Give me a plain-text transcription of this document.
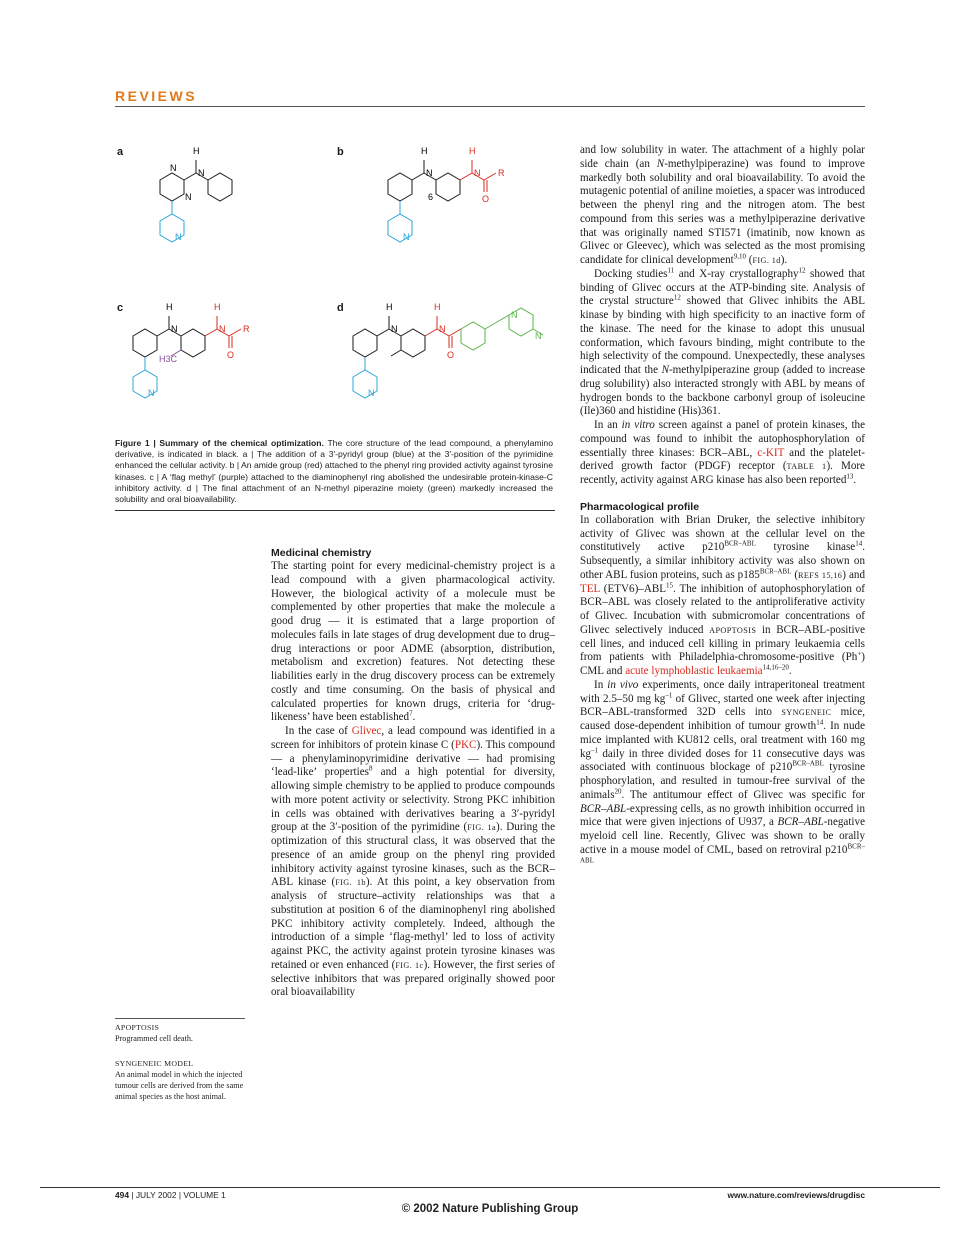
REVIEWS
a	b
c	d
H
N
N
N
N
H	H
N	N
O
R
6
N
H	H
N	N
O
R
H3C
N
H	H
N	N
O
N
N
N
Figure 1 | Summary of the chemical optimization. The core structure of the lead compound, a phenylamino derivative, is indicated in black. a | The addition of a 3′-pyridyl group (blue) at the 3′-position of the pyrimidine enhanced the cellular activity. b | An amide group (red) attached to the phenyl ring provided activity against tyrosine kinases. c | A ‘flag methyl’ (purple) attached to the diaminophenyl ring abolished the undesirable protein-kinase-C inhibitory activity. d | The final attachment of an N-methyl piperazine moiety (green) markedly increased the solubility and oral bioavailability.
Medicinal chemistry

The starting point for every medicinal-chemistry project is a lead compound with a given pharmacological activity. However, the biological activity of a molecule must be complemented by other properties that make the molecule a good drug — it is estimated that a large proportion of molecules fails in late stages of drug development due to drug–drug interactions or poor ADME (absorption, distribution, metabolism and excretion) features. Not detecting these liabilities early in the drug discovery process can be extremely costly and time consuming. On the basis of physical and calculated properties for known drugs, criteria for ‘drug-likeness’ have been established$^7$.

In the case of Glivec, a lead compound was identified in a screen for inhibitors of protein kinase C (PKC). This compound — a phenylaminopyrimidine derivative — had promising ‘lead-like’ properties$^8$ and a high potential for diversity, allowing simple chemistry to be applied to produce compounds with more potent activity or selectivity. Strong PKC inhibition in cells was obtained with derivatives bearing a 3′-pyridyl group at the 3′-position of the pyrimidine (FIG. 1a). During the optimization of this structural class, it was observed that the presence of an amide group on the phenyl ring provided inhibitory activity against tyrosine kinases, such as the BCR–ABL kinase (FIG. 1b). At this point, a key observation from analysis of structure–activity relationships was that a substitution at position 6 of the diaminophenyl ring abolished PKC inhibitory activity completely. Indeed, although the introduction of a simple ‘flag-methyl’ led to loss of activity against PKC, the activity against protein tyrosine kinases was retained or even enhanced (FIG. 1c). However, the first series of selective inhibitors that was prepared originally showed poor oral bioavailability

and low solubility in water. The attachment of a highly polar side chain (an N-methylpiperazine) was found to improve markedly both solubility and oral bioavailability. To avoid the mutagenic potential of aniline moieties, a spacer was introduced between the phenyl ring and the nitrogen atom. The best compound from this series was a methylpiperazine derivative that was originally named STI571 (imatinib, now known as Glivec or Gleevec), which was selected as the most promising candidate for clinical development$^{9,10}$ (FIG. 1d).

Docking studies$^{11}$ and X-ray crystallography$^{12}$ showed that binding of Glivec occurs at the ATP-binding site. Analysis of the crystal structure$^{12}$ showed that Glivec inhibits the ABL kinase by binding with high specificity to an inactive form of the kinase. The need for the kinase to adopt this unusual conformation, which favours binding, might contribute to the high selectivity of the compound. Unexpectedly, these analyses indicated that the N-methylpiperazine group (added to increase drug solubility) also interacted strongly with ABL by means of hydrogen bonds to the backbone carbonyl group of isoleucine (Ile)360 and histidine (His)361.

In an in vitro screen against a panel of protein kinases, the compound was found to inhibit the autophosphorylation of essentially three kinases: BCR–ABL, c-KIT and the platelet-derived growth factor (PDGF) receptor (TABLE 1). More recently, activity against ARG kinase has also been reported$^{13}$.

Pharmacological profile

In collaboration with Brian Druker, the selective inhibitory activity of Glivec was shown at the cellular level on the constitutively active $p210^{BCR-ABL}$ tyrosine kinase$^{14}$. Subsequently, a similar inhibitory activity was also shown on other ABL fusion proteins, such as $p185^{BCR-ABL}$ (REFS 15,16) and TEL (ETV6)–ABL$^{15}$. The inhibition of autophosphorylation of BCR–ABL was closely related to the antiproliferative activity of Glivec. Incubation with submicromolar concentrations of Glivec selectively induced APOPTOSIS in BCR–ABL-positive cell lines, and induced cell killing in primary leukaemia cells from patients with Philadelphia-chromosome-positive (Ph+) CML and acute lymphoblastic leukaemia$^{14,16-20}$.

In in vivo experiments, once daily intraperitoneal treatment with 2.5–50 mg $kg^{-1}$ of Glivec, started one week after injecting BCR–ABL-transformed 32D cells into SYNGENEIC mice, caused dose-dependent inhibition of tumour growth$^{14}$. In nude mice implanted with KU812 cells, oral treatment with 160 mg $kg^{-1}$ daily in three divided doses for 11 consecutive days was associated with continuous blockage of $p210^{BCR-ABL}$ tyrosine phosphorylation, and resulted in tumour-free survival of the animals$^{20}$. The antitumour effect of Glivec was specific for BCR–ABL-expressing cells, as no growth inhibition occurred in mice that were given injections of U937, a BCR–ABL-negative myeloid cell line. Recently, Glivec was shown to be orally active in a mouse model of CML, based on retroviral $p210^{BCR-ABL}$

APOPTOSIS
Programmed cell death.
SYNGENEIC MODEL
An animal model in which the injected tumour cells are derived from the same animal species as the host animal.
494 | JULY 2002 | VOLUME 1	www.nature.com/reviews/drugdisc
© 2002 Nature Publishing Group
